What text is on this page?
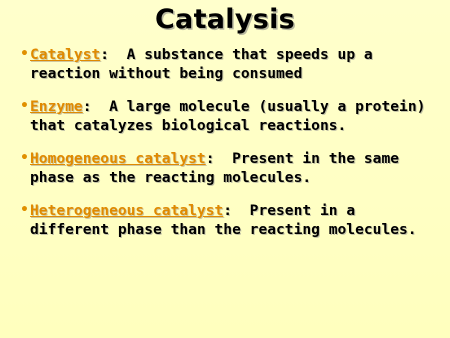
Catalysis
• Catalyst:  A substance that speeds up a reaction without being consumed
• Enzyme:  A large molecule (usually a protein) that catalyzes biological reactions.
• Homogeneous catalyst:  Present in the same phase as the reacting molecules.
• Heterogeneous catalyst:  Present in a different phase than the reacting molecules.
